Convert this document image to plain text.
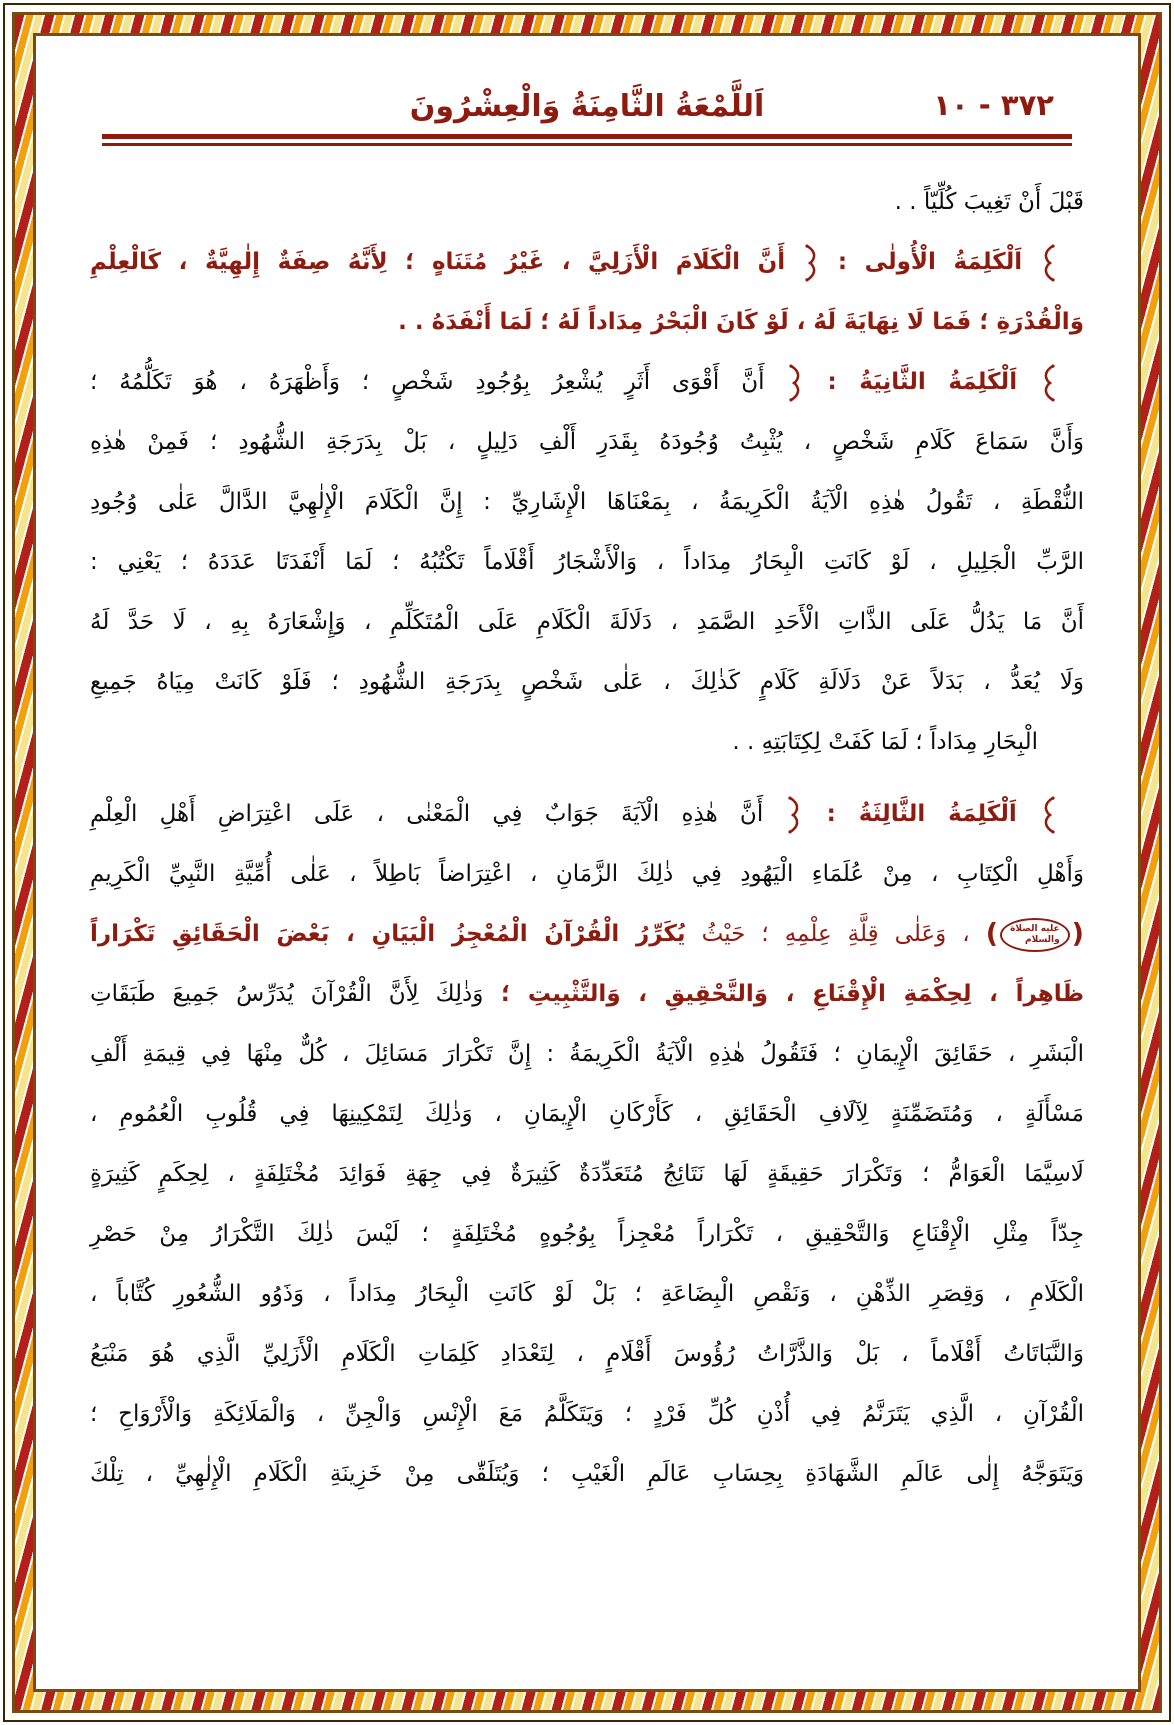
٣٧٢ - ١٠
اَللَّمْعَةُ الثَّامِنَةُ وَالْعِشْرُونَ
قَبْلَ أَنْ تَغِيبَ كُلِّيّاً . .
اَلْكَلِمَةُ الْأُولٰى :
أَنَّ الْكَلَامَ الْأَزَلِيَّ ، غَيْرُ مُتَنَاهٍ ؛ لِأَنَّهُ صِفَةٌ إِلٰهِيَّةٌ ، كَالْعِلْمِ
وَالْقُدْرَةِ ؛ فَمَا لَا نِهَايَةَ لَهُ ، لَوْ كَانَ الْبَحْرُ مِدَاداً لَهُ ؛ لَمَا أَنْفَدَهُ . .
اَلْكَلِمَةُ الثَّانِيَةُ :
أَنَّ أَقْوَى أَثَرٍ يُشْعِرُ بِوُجُودِ شَخْصٍ ؛ وَأَظْهَرَهُ ، هُوَ تَكَلُّمُهُ ؛
وَأَنَّ سَمَاعَ كَلَامِ شَخْصٍ ، يُثْبِتُ وُجُودَهُ بِقَدَرِ أَلْفِ دَلِيلٍ ، بَلْ بِدَرَجَةِ الشُّهُودِ ؛ فَمِنْ هٰذِهِ
النُّقْطَةِ ، تَقُولُ هٰذِهِ الْآيَةُ الْكَرِيمَةُ ، بِمَعْنَاهَا الْإِشَارِيِّ : إِنَّ الْكَلَامَ الْإِلٰهِيَّ الدَّالَّ عَلٰى وُجُودِ
الرَّبِّ الْجَلِيلِ ، لَوْ كَانَتِ الْبِحَارُ مِدَاداً ، وَالْأَشْجَارُ أَقْلَاماً تَكْتُبُهُ ؛ لَمَا أَنْفَدَتَا عَدَدَهُ ؛ يَعْنِي :
أَنَّ مَا يَدُلُّ عَلَى الذَّاتِ الْأَحَدِ الصَّمَدِ ، دَلَالَةَ الْكَلَامِ عَلَى الْمُتَكَلِّمِ ، وَإِشْعَارَهُ بِهِ ، لَا حَدَّ لَهُ
وَلَا يُعَدُّ ، بَدَلاً عَنْ دَلَالَةِ كَلَامٍ كَذٰلِكَ ، عَلٰى شَخْصٍ بِدَرَجَةِ الشُّهُودِ ؛ فَلَوْ كَانَتْ مِيَاهُ جَمِيعِ
الْبِحَارِ مِدَاداً ؛ لَمَا كَفَتْ لِكِتَابَتِهِ . .
اَلْكَلِمَةُ الثَّالِثَةُ :
أَنَّ هٰذِهِ الْآيَةَ جَوَابٌ فِي الْمَعْنٰى ، عَلَى اعْتِرَاضِ أَهْلِ الْعِلْمِ
وَأَهْلِ الْكِتَابِ ، مِنْ عُلَمَاءِ الْيَهُودِ فِي ذٰلِكَ الزَّمَانِ ، اعْتِرَاضاً بَاطِلاً ، عَلٰى أُمِّيَّةِ النَّبِيِّ الْكَرِيمِ
(
عليه الصلاة
والسلام
) ، وَعَلٰى قِلَّةِ عِلْمِهِ ؛ حَيْثُ يُكَرِّرُ الْقُرْآنُ الْمُعْجِزُ الْبَيَانِ ، بَعْضَ الْحَقَائِقِ تَكْرَاراً
ظَاهِراً ، لِحِكْمَةِ الْإِقْنَاعِ ، وَالتَّحْقِيقِ ، وَالتَّثْبِيتِ ؛ وَذٰلِكَ لِأَنَّ الْقُرْآنَ يُدَرِّسُ جَمِيعَ طَبَقَاتِ
الْبَشَرِ ، حَقَائِقَ الْإِيمَانِ ؛ فَتَقُولُ هٰذِهِ الْآيَةُ الْكَرِيمَةُ : إِنَّ تَكْرَارَ مَسَائِلَ ، كُلٌّ مِنْهَا فِي قِيمَةِ أَلْفِ
مَسْأَلَةٍ ، وَمُتَضَمِّنَةٍ لِآلَافِ الْحَقَائِقِ ، كَأَرْكَانِ الْإِيمَانِ ، وَذٰلِكَ لِتَمْكِينِهَا فِي قُلُوبِ الْعُمُومِ ،
لَاسِيَّمَا الْعَوَامُّ ؛ وَتَكْرَارَ حَقِيقَةٍ لَهَا نَتَائِجُ مُتَعَدِّدَةٌ كَثِيرَةٌ فِي جِهَةِ فَوَائِدَ مُخْتَلِفَةٍ ، لِحِكَمٍ كَثِيرَةٍ
جِدّاً مِثْلِ الْإِقْنَاعِ وَالتَّحْقِيقِ ، تَكْرَاراً مُعْجِزاً بِوُجُوهٍ مُخْتَلِفَةٍ ؛ لَيْسَ ذٰلِكَ التَّكْرَارُ مِنْ حَصْرِ
الْكَلَامِ ، وَقِصَرِ الذِّهْنِ ، وَنَقْصِ الْبِضَاعَةِ ؛ بَلْ لَوْ كَانَتِ الْبِحَارُ مِدَاداً ، وَذَوُو الشُّعُورِ كُتَّاباً ،
وَالنَّبَاتَاتُ أَقْلَاماً ، بَلْ وَالذَّرَّاتُ رُؤُوسَ أَقْلَامٍ ، لِتَعْدَادِ كَلِمَاتِ الْكَلَامِ الْأَزَلِيِّ الَّذِي هُوَ مَنْبَعُ
الْقُرْآنِ ، الَّذِي يَتَرَنَّمُ فِي أُذْنِ كُلِّ فَرْدٍ ؛ وَيَتَكَلَّمُ مَعَ الْإِنْسِ وَالْجِنِّ ، وَالْمَلَائِكَةِ وَالْأَرْوَاحِ ؛
وَيَتَوَجَّهُ إِلٰى عَالَمِ الشَّهَادَةِ بِحِسَابِ عَالَمِ الْغَيْبِ ؛ وَيُتَلَقّٰى مِنْ خَزِينَةِ الْكَلَامِ الْإِلٰهِيِّ ، تِلْكَ
